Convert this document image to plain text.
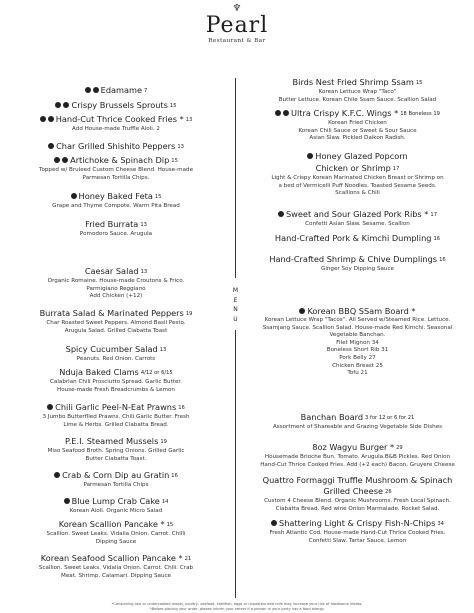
♆
Pearl
Restaurant & Bar
M
E
N
U
Edamame 7
Crispy Brussels Sprouts 15
Hand-Cut Thrice Cooked Fries * 13
Add House-made Truffle Aioli. 2
Char Grilled Shishito Peppers 13
Artichoke & Spinach Dip 15
Topped w/ Bruleed Custom Cheese Blend. House-made
Parmesan Tortilla Chips.
Honey Baked Feta 15
Grape and Thyme Compote. Warm Pita Bread
Fried Burrata 13
Pomodoro Sauce. Arugula
Caesar Salad 13
Organic Romaine. House-made Croutons & Frico.
Parmigiano Reggiano
Add Chicken (+12)
Burrata Salad & Marinated Peppers 19
Char Roasted Sweet Peppers. Almond Basil Pesto.
Arugula Salad. Grilled Ciabatta Toast
Spicy Cucumber Salad 13
Peanuts. Red Onion. Carrots
Nduja Baked Clams 4/12 or 6/15
Calabrian Chili Prosciutto Spread. Garlic Butter.
House-made Fresh Breadcrumbs & Lemon
Chili Garlic Peel-N-Eat Prawns 16
3 Jumbo Butterflied Prawns. Chili Garlic Butter. Fresh
Lime & Herbs. Grilled Ciabatta Bread.
P.E.I. Steamed Mussels 19
Miso Seafood Broth. Spring Onions. Grilled Garlic
Butter Ciabatta Toast.
Crab & Corn Dip au Gratin 16
Parmesan Tortilla Chips
Blue Lump Crab Cake 14
Korean Aioli. Organic Micro Salad
Korean Scallion Pancake * 15
Scallion. Sweet Leaks. Vidalia Onion. Carrot. Chilli
Dipping Sauce
Korean Seafood Scallion Pancake * 21
Scallion. Sweet Leaks. Vidalia Onion. Carrot. Chili. Crab
Meat. Shrimp. Calamari. Dipping Sauce
Birds Nest Fried Shrimp Ssam 15
Korean Lettuce Wrap "Taco"
Butter Lettuce. Korean Chile Ssam Sauce. Scallion Salad
Ultra Crispy K.F.C. Wings * 18 Boneless 19
Korean Fried Chicken
Korean Chili Sauce or Sweet & Sour Sauce
Asian Slaw. Pickled Daikon Radish.
Honey Glazed Popcorn
Chicken or Shrimp 17
Light & Crispy Korean Marinated Chicken Breast or Shrimp on
a bed of Vermicelli Puff Noodles. Toasted Sesame Seeds.
Scallions & Chili
Sweet and Sour Glazed Pork Ribs * 17
Confetti Asian Slaw. Sesame. Scallion
Hand-Crafted Pork & Kimchi Dumpling 16
Hand-Crafted Shrimp & Chive Dumplings 16
Ginger Soy Dipping Sauce
Korean BBQ SSam Board *
Korean Lettuce Wrap "Tacos". All Served w/Steamed Rice. Lettuce.
Ssamjang Sauce. Scallion Salad. House-made Red Kimchi. Seasonal
Vegetable Banchan.
Filet Mignon 34
Boneless Short Rib 31
Pork Belly 27
Chicken Breast 25
Tofu 21
Banchan Board 3 for 12 or 6 for 21
Assortment of Shareable and Grazing Vegetable Side Dishes
8oz Wagyu Burger * 29
Housemade Brioche Bun. Tomato. Arugula.B&B Pickles. Red Onion
Hand-Cut Thrice Cooked Fries. Add (+2 each) Bacon, Gruyere Cheese
Quattro Formaggi Truffle Mushroom & Spinach
Grilled Cheese 26
Custom 4 Cheese Blend. Organic Mushrooms. Fresh Local Spinach.
Ciabatta Bread. Red wine Onion Marmalade. Rocket Salad.
Shattering Light & Crispy Fish-N-Chips 34
Fresh Atlantic Cod. House-made Hand-Cut Thrice Cooked Fries.
Confetti Slaw. Tartar Sauce. Lemon
*Consuming raw or undercooked meats, poultry, seafood, shellfish, eggs or unpasteurized milk may increase your risk of foodborne illness.
*Before placing your order, please inform your server if a person in your party has a food allergy
